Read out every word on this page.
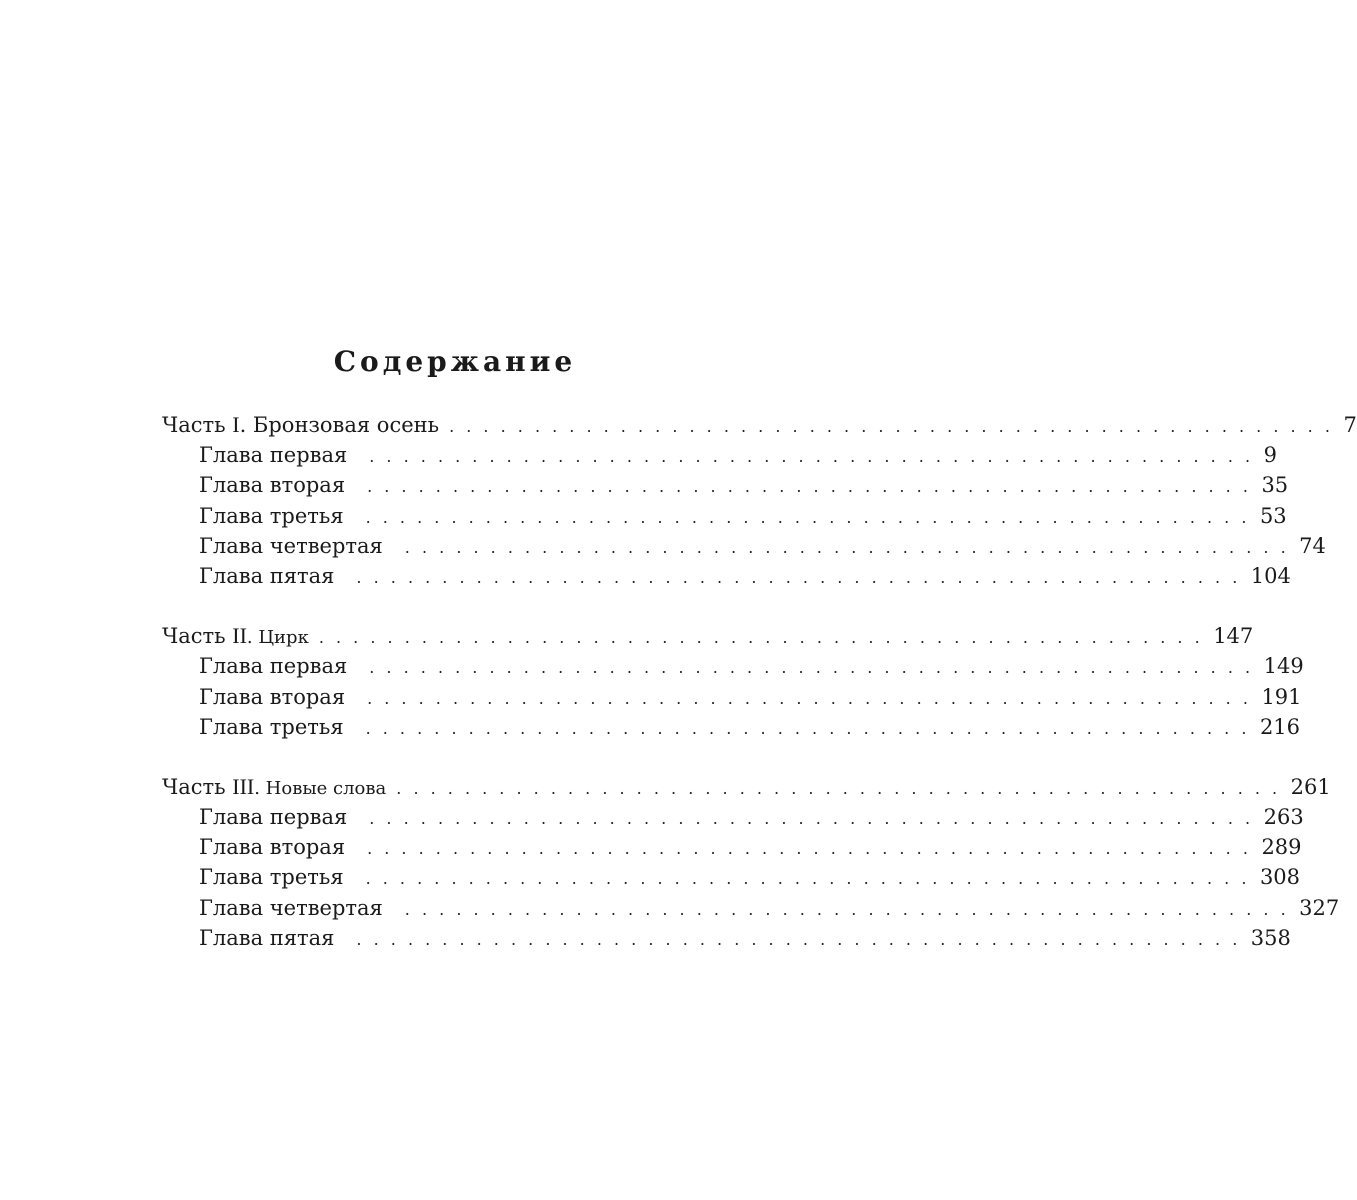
Содержание
Часть I. Бронзовая осень . . . . . . . . . . . . . . . . . . . . . . . . . . . . . . . . . . . . . . . . . . . . . . . . . . . . 7
Глава первая . . . . . . . . . . . . . . . . . . . . . . . . . . . . . . . . . . . . . . . . . . . . . . . . . . . . 9
Глава вторая . . . . . . . . . . . . . . . . . . . . . . . . . . . . . . . . . . . . . . . . . . . . . . . . . . . . 35
Глава третья . . . . . . . . . . . . . . . . . . . . . . . . . . . . . . . . . . . . . . . . . . . . . . . . . . . . 53
Глава четвертая . . . . . . . . . . . . . . . . . . . . . . . . . . . . . . . . . . . . . . . . . . . . . . . . . . . . 74
Глава пятая . . . . . . . . . . . . . . . . . . . . . . . . . . . . . . . . . . . . . . . . . . . . . . . . . . . . 104
Часть II. Цирк . . . . . . . . . . . . . . . . . . . . . . . . . . . . . . . . . . . . . . . . . . . . . . . . . . . . 147
Глава первая . . . . . . . . . . . . . . . . . . . . . . . . . . . . . . . . . . . . . . . . . . . . . . . . . . . . 149
Глава вторая . . . . . . . . . . . . . . . . . . . . . . . . . . . . . . . . . . . . . . . . . . . . . . . . . . . . 191
Глава третья . . . . . . . . . . . . . . . . . . . . . . . . . . . . . . . . . . . . . . . . . . . . . . . . . . . . 216
Часть III. Новые слова . . . . . . . . . . . . . . . . . . . . . . . . . . . . . . . . . . . . . . . . . . . . . . . . . . . . 261
Глава первая . . . . . . . . . . . . . . . . . . . . . . . . . . . . . . . . . . . . . . . . . . . . . . . . . . . . 263
Глава вторая . . . . . . . . . . . . . . . . . . . . . . . . . . . . . . . . . . . . . . . . . . . . . . . . . . . . 289
Глава третья . . . . . . . . . . . . . . . . . . . . . . . . . . . . . . . . . . . . . . . . . . . . . . . . . . . . 308
Глава четвертая . . . . . . . . . . . . . . . . . . . . . . . . . . . . . . . . . . . . . . . . . . . . . . . . . . . . 327
Глава пятая . . . . . . . . . . . . . . . . . . . . . . . . . . . . . . . . . . . . . . . . . . . . . . . . . . . . 358
